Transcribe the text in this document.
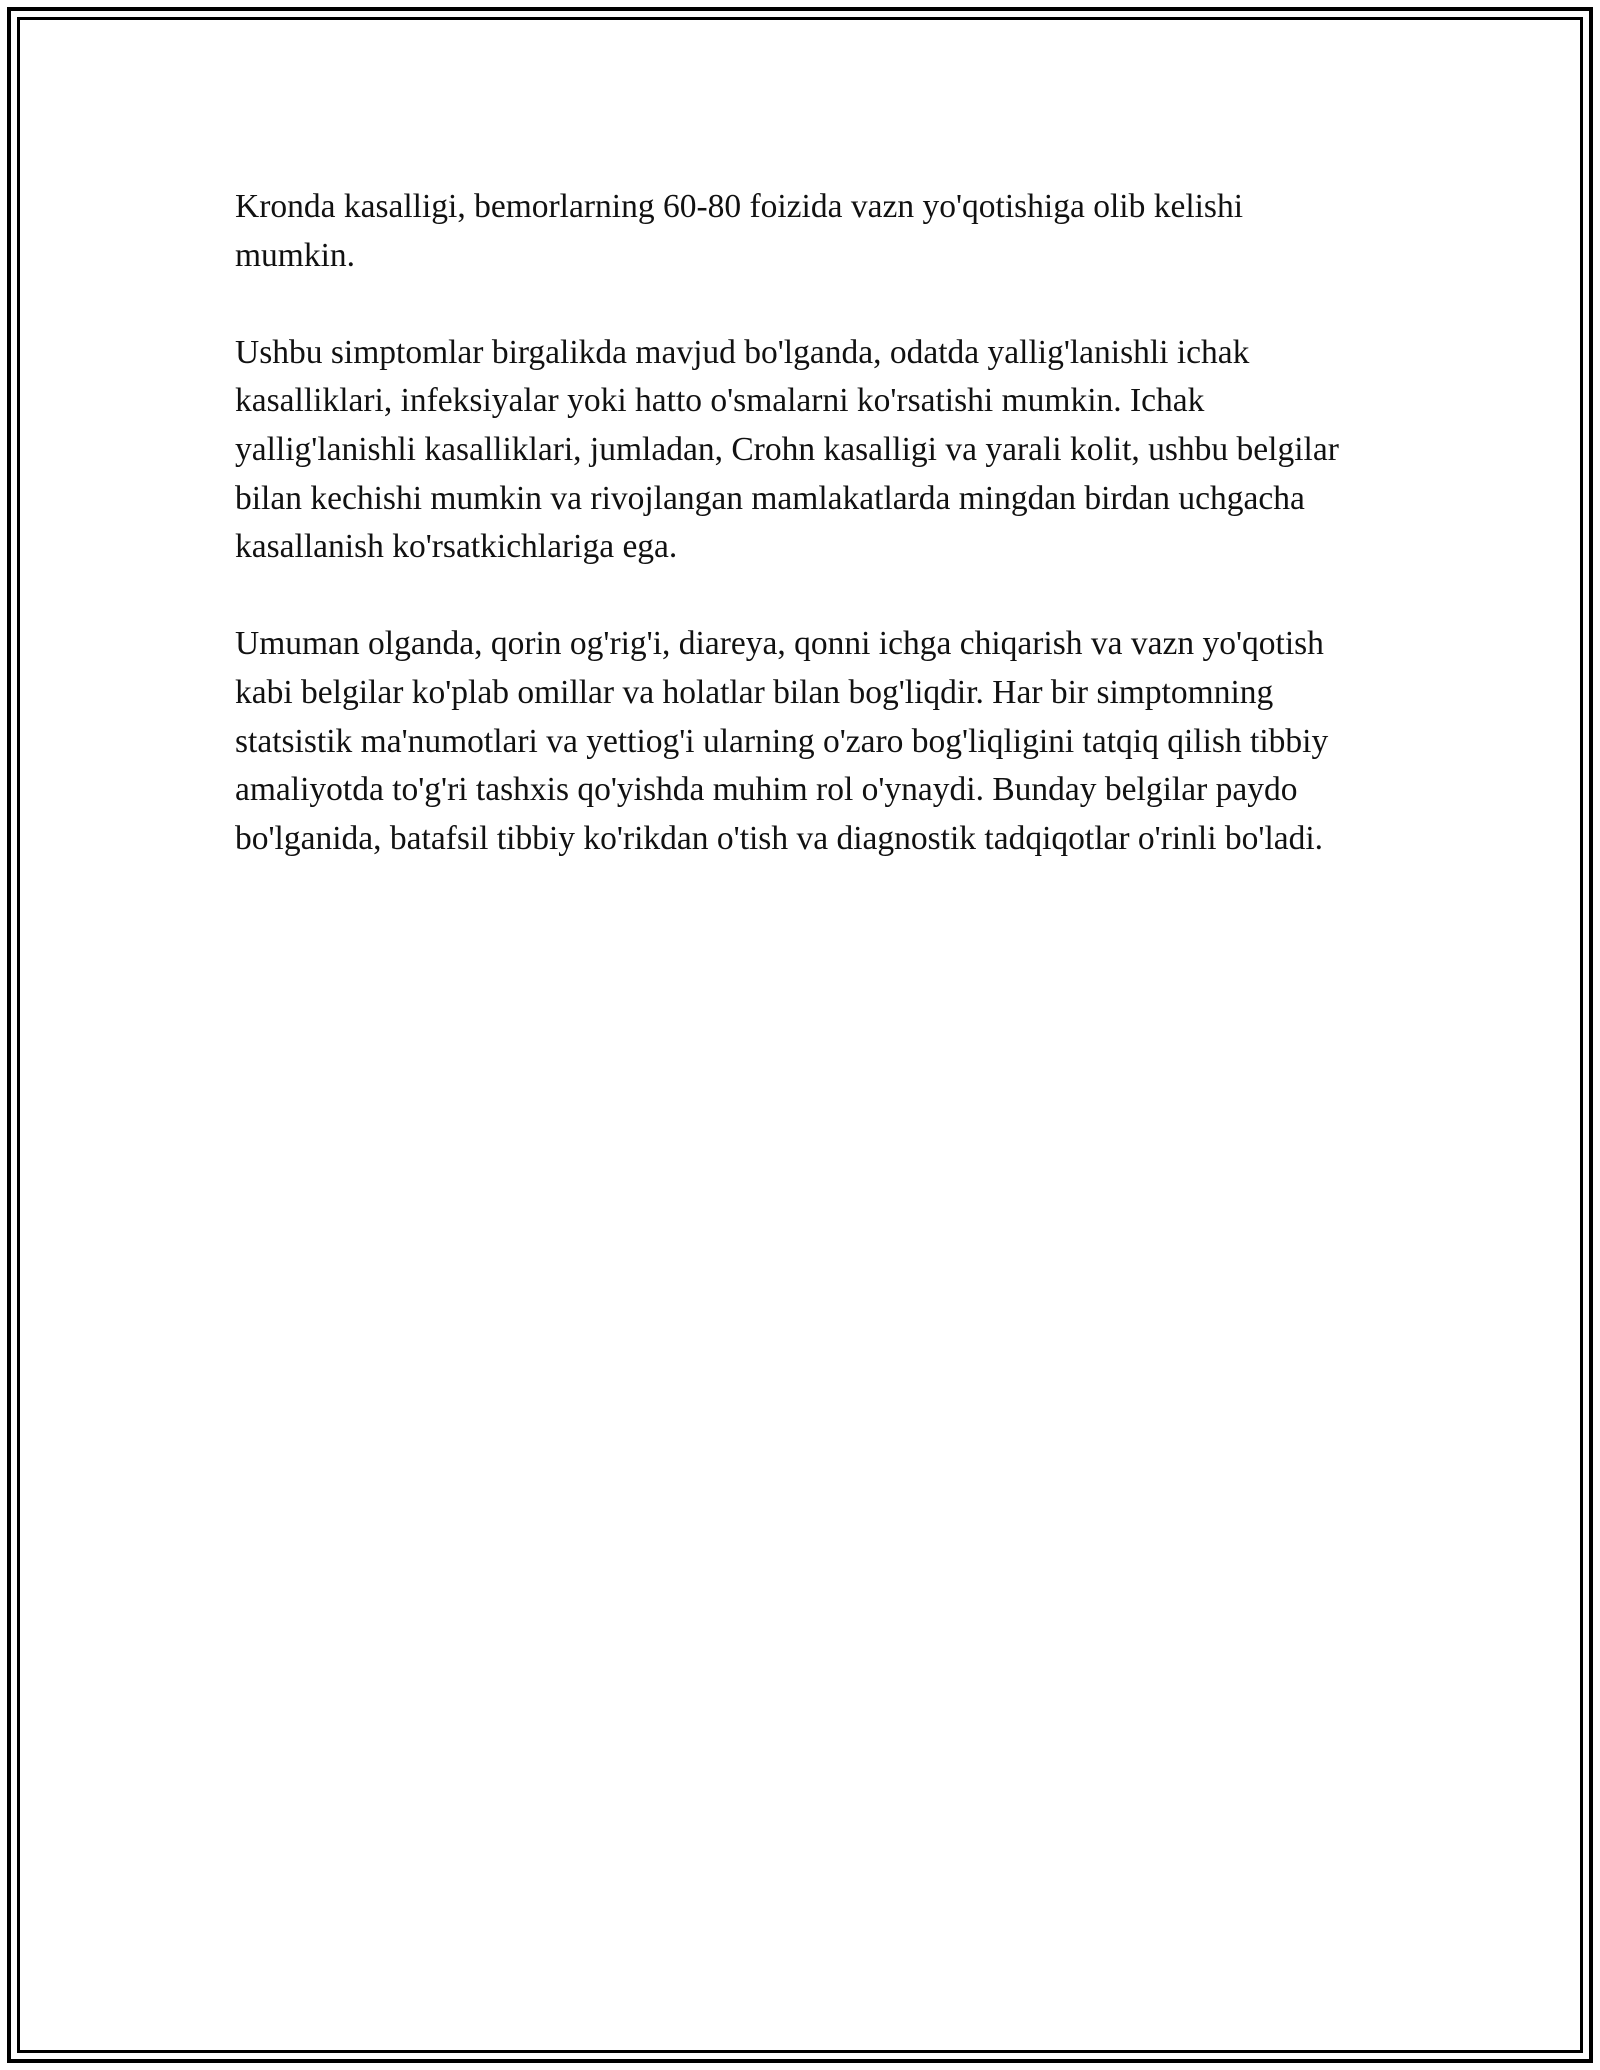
Kronda kasalligi, bemorlarning 60-80 foizida vazn yo'qotishiga olib kelishi mumkin.

Ushbu simptomlar birgalikda mavjud bo'lganda, odatda yallig'lanishli ichak kasalliklari, infeksiyalar yoki hatto o'smalarni ko'rsatishi mumkin. Ichak yallig'lanishli kasalliklari, jumladan, Crohn kasalligi va yarali kolit, ushbu belgilar bilan kechishi mumkin va rivojlangan mamlakatlarda mingdan birdan uchgacha kasallanish ko'rsatkichlariga ega.

Umuman olganda, qorin og'rig'i, diareya, qonni ichga chiqarish va vazn yo'qotish kabi belgilar ko'plab omillar va holatlar bilan bog'liqdir. Har bir simptomning statsistik ma'numotlari va yettiog'i ularning o'zaro bog'liqligini tatqiq qilish tibbiy amaliyotda to'g'ri tashxis qo'yishda muhim rol o'ynaydi. Bunday belgilar paydo bo'lganida, batafsil tibbiy ko'rikdan o'tish va diagnostik tadqiqotlar o'rinli bo'ladi.
